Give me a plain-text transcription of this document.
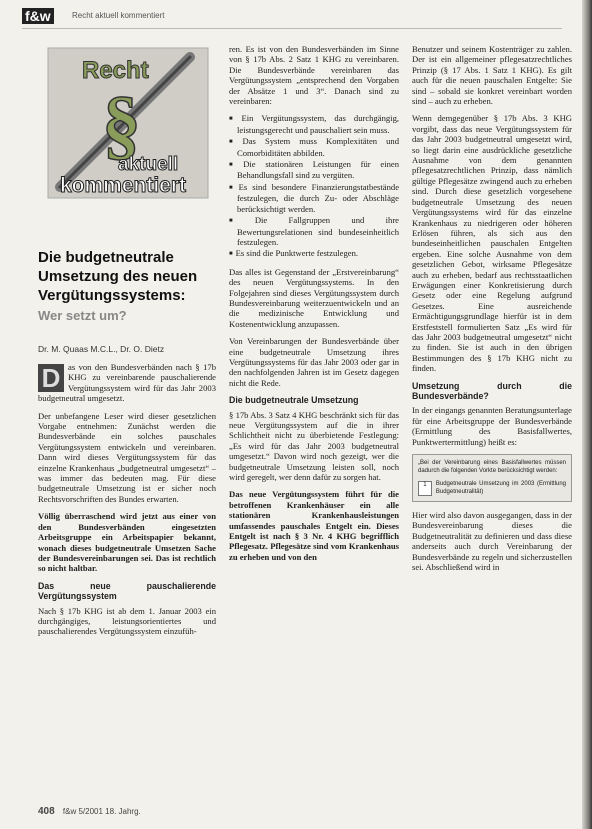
f&w	Recht aktuell kommentiert
Recht
§
aktuell
kommentiert
Die budgetneutrale Umsetzung des neuen Vergütungssystems:

Wer setzt um?

Dr. M. Quaas M.C.L., Dr. O. Dietz

D as von den Bundesverbänden nach § 17b KHG zu vereinbarende pauschalierende Vergütungssystem wird für das Jahr 2003 budgetneutral umgesetzt.

Der unbefangene Leser wird dieser gesetzlichen Vorgabe entnehmen: Zunächst werden die Bundesverbände ein solches pauschales Vergütungssystem entwickeln und vereinbaren. Dann wird dieses Vergütungssystem für das einzelne Krankenhaus „budgetneutral umgesetzt“ – was immer das bedeuten mag. Für diese budgetneutrale Umsetzung ist er sicher noch Rechtsvorschriften des Bundes erwarten.

Völlig überraschend wird jetzt aus einer von den Bundesverbänden eingesetzten Arbeitsgruppe ein Arbeitspapier bekannt, wonach dieses budgetneutrale Umsetzen Sache der Bundesvereinbarungen sei. Das ist rechtlich so nicht haltbar.

Das neue pauschalierende Vergütungssystem

Nach § 17b KHG ist ab dem 1. Januar 2003 ein durchgängiges, leistungsorientiertes und pauschalierendes Vergütungssystem einzufüh-

ren. Es ist von den Bundesverbänden im Sinne von § 17b Abs. 2 Satz 1 KHG zu vereinbaren. Die Bundesverbände vereinbaren das Vergütungssystem „entsprechend den Vorgaben der Absätze 1 und 3“. Danach sind zu vereinbaren:

■ Ein Vergütungssystem, das durchgängig, leistungsgerecht und pauschaliert sein muss.
■ Das System muss Komplexitäten und Comorbiditäten abbilden.
■ Die stationären Leistungen für einen Behandlungsfall sind zu vergüten.
■ Es sind besondere Finanzierungstatbestände festzulegen, die durch Zu- oder Abschläge berücksichtigt werden.
■ Die Fallgruppen und ihre Bewertungsrelationen sind bundeseinheitlich festzulegen.
■ Es sind die Punktwerte festzulegen.

Das alles ist Gegenstand der „Erstvereinbarung“ des neuen Vergütungssystems. In den Folgejahren sind dieses Vergütungssystem durch Bundesvereinbarung weiterzuentwickeln und an die medizinische Entwicklung und Kostenentwicklung anzupassen.

Von Vereinbarungen der Bundesverbände über eine budgetneutrale Umsetzung ihres Vergütungssystems für das Jahr 2003 oder gar in den nachfolgenden Jahren ist im Gesetz dagegen nicht die Rede.

Die budgetneutrale Umsetzung

§ 17b Abs. 3 Satz 4 KHG beschränkt sich für das neue Vergütungssystem auf die in ihrer Schlichtheit nicht zu überbietende Festlegung: „Es wird für das Jahr 2003 budgetneutral umgesetzt.“ Davon wird noch gezeigt, wer die budgetneutrale Umsetzung leisten soll, noch wird geregelt, wer denn dafür zu sorgen hat.

Das neue Vergütungssystem führt für die betroffenen Krankenhäuser ein alle stationären Krankenhausleistungen umfassendes pauschales Entgelt ein. Dieses Entgelt ist nach § 3 Nr. 4 KHG begrifflich Pflegesatz. Pflegesätze sind vom Krankenhaus zu erheben und von den

Benutzer und seinem Kostenträger zu zahlen. Der ist ein allgemeiner pflegesatzrechtliches Prinzip (§ 17 Abs. 1 Satz 1 KHG). Es gilt auch für die neuen pauschalen Entgelte: Sie sind – sobald sie konkret vereinbart worden sind – auch zu erheben.

Wenn demgegenüber § 17b Abs. 3 KHG vorgibt, dass das neue Vergütungssystem für das Jahr 2003 budgetneutral umgesetzt wird, so liegt darin eine ausdrückliche gesetzliche Ausnahme von dem genannten pflegesatzrechtlichen Prinzip, dass nämlich gültige Pflegesätze zwingend auch zu erheben sind. Durch diese gesetzlich vorgesehene budgetneutrale Umsetzung des neuen Vergütungssystems wird für das einzelne Krankenhaus zu niedrigeren oder höheren Erlösen führen, als sich aus den bundeseinheitlichen pauschalen Entgelten ergeben. Eine solche Ausnahme von dem gesetzlichen Gebot, wirksame Pflegesätze auch zu erheben, bedarf aus rechtsstaatlichen Erwägungen einer Konkretisierung durch Gesetz oder eine Regelung aufgrund Gesetzes. Eine ausreichende Ermächtigungsgrundlage hierfür ist in dem Erstfeststell formulierten Satz „Es wird für das Jahr 2003 budgetneutral umgesetzt“ nicht zu finden. Sie ist auch in den übrigen Bestimmungen des § 17b KHG nicht zu finden.

Umsetzung durch die Bundesverbände?

In der eingangs genannten Beratungsunterlage für eine Arbeitsgruppe der Bundesverbände (Ermittlung des Basisfallwertes, Punktwertermittlung) heißt es:

„Bei der Vereinbarung eines Basisfallwertes müssen dadurch die folgenden Vorkte berücksichtigt werden:
1	Budgetneutrale Umsetzung im 2003 (Ermittlung Budgetneutralität)

Hier wird also davon ausgegangen, dass in der Bundesvereinbarung dieses die Budgetneutralität zu definieren und dass diese anderseits auch durch Vereinbarung der Bundesverbände zu regeln und sicherzustellen sei. Abschließend wird in

408 f&w 5/2001 18. Jahrg.
